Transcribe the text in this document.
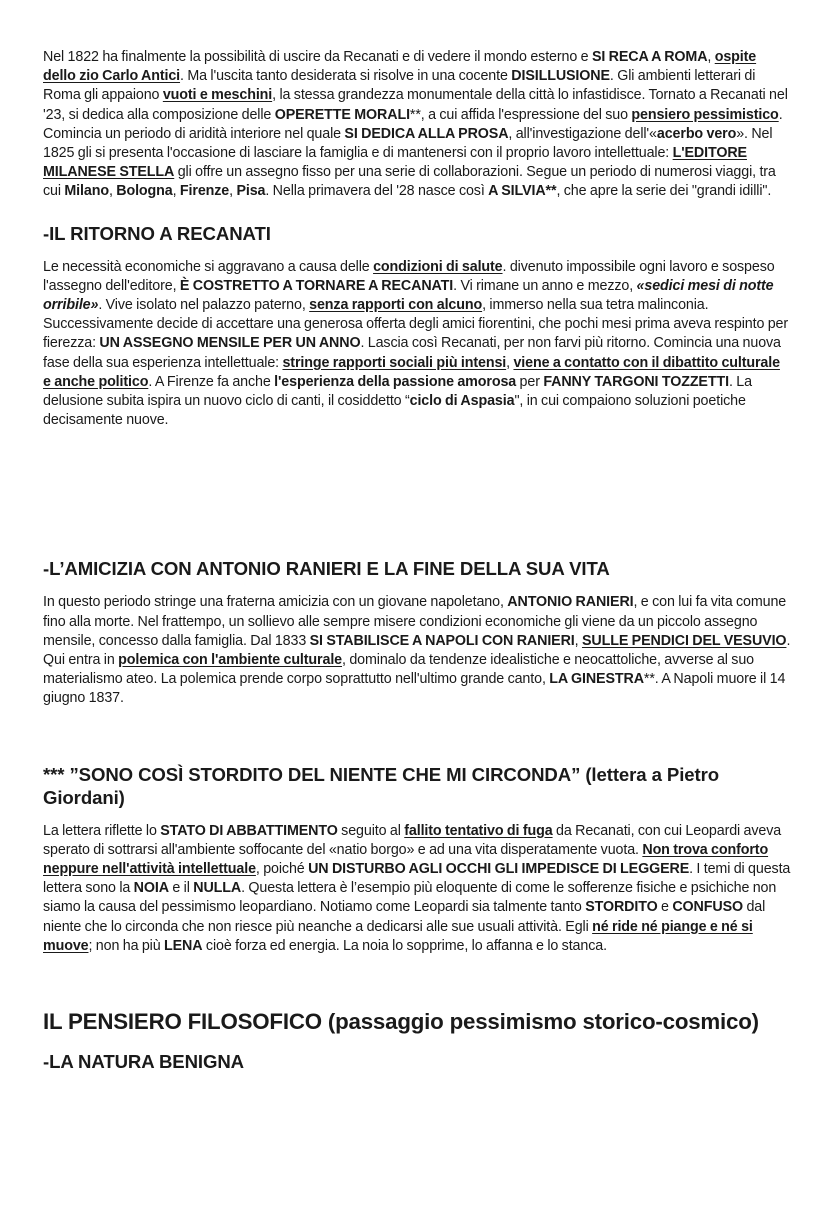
Nel 1822 ha finalmente la possibilità di uscire da Recanati e di vedere il mondo esterno e SI RECA A ROMA, ospite dello zio Carlo Antici. Ma l'uscita tanto desiderata si risolve in una cocente DISILLUSIONE. Gli ambienti letterari di Roma gli appaiono vuoti e meschini, la stessa grandezza monumentale della città lo infastidisce. Tornato a Recanati nel '23, si dedica alla composizione delle OPERETTE MORALI**, a cui affida l'espressione del suo pensiero pessimistico. Comincia un periodo di aridità interiore nel quale SI DEDICA ALLA PROSA, all'investigazione dell'«acerbo vero». Nel 1825 gli si presenta l'occasione di lasciare la famiglia e di mantenersi con il proprio lavoro intellettuale: L'EDITORE MILANESE STELLA gli offre un assegno fisso per una serie di collaborazioni. Segue un periodo di numerosi viaggi, tra cui Milano, Bologna, Firenze, Pisa. Nella primavera del '28 nasce così A SILVIA**, che apre la serie dei "grandi idilli".

-IL RITORNO A RECANATI

Le necessità economiche si aggravano a causa delle condizioni di salute. divenuto impossibile ogni lavoro e sospeso l'assegno dell'editore, È COSTRETTO A TORNARE A RECANATI. Vi rimane un anno e mezzo, «sedici mesi di notte orribile». Vive isolato nel palazzo paterno, senza rapporti con alcuno, immerso nella sua tetra malinconia. Successivamente decide di accettare una generosa offerta degli amici fiorentini, che pochi mesi prima aveva respinto per fierezza: UN ASSEGNO MENSILE PER UN ANNO. Lascia così Recanati, per non farvi più ritorno. Comincia una nuova fase della sua esperienza intellettuale: stringe rapporti sociali più intensi, viene a contatto con il dibattito culturale e anche politico. A Firenze fa anche l'esperienza della passione amorosa per FANNY TARGONI TOZZETTI. La delusione subita ispira un nuovo ciclo di canti, il cosiddetto “ciclo di Aspasia", in cui compaiono soluzioni poetiche decisamente nuove.

-L’AMICIZIA CON ANTONIO RANIERI E LA FINE DELLA SUA VITA

In questo periodo stringe una fraterna amicizia con un giovane napoletano, ANTONIO RANIERI, e con lui fa vita comune fino alla morte. Nel frattempo, un sollievo alle sempre misere condizioni economiche gli viene da un piccolo assegno mensile, concesso dalla famiglia. Dal 1833 SI STABILISCE A NAPOLI CON RANIERI, SULLE PENDICI DEL VESUVIO. Qui entra in polemica con l'ambiente culturale, dominalo da tendenze idealistiche e neocattoliche, avverse al suo materialismo ateo. La polemica prende corpo soprattutto nell'ultimo grande canto, LA GINESTRA**. A Napoli muore il 14 giugno 1837.

*** ”SONO COSÌ STORDITO DEL NIENTE CHE MI CIRCONDA” (lettera a Pietro Giordani)

La lettera riflette lo STATO DI ABBATTIMENTO seguito al fallito tentativo di fuga da Recanati, con cui Leopardi aveva sperato di sottrarsi all'ambiente soffocante del «natio borgo» e ad una vita disperatamente vuota. Non trova conforto neppure nell'attività intellettuale, poiché UN DISTURBO AGLI OCCHI GLI IMPEDISCE DI LEGGERE. I temi di questa lettera sono la NOIA e il NULLA. Questa lettera è l’esempio più eloquente di come le sofferenze fisiche e psichiche non siamo la causa del pessimismo leopardiano. Notiamo come Leopardi sia talmente tanto STORDITO e CONFUSO dal niente che lo circonda che non riesce più neanche a dedicarsi alle sue usuali attività. Egli né ride né piange e né si muove; non ha più LENA cioè forza ed energia. La noia lo sopprime, lo affanna e lo stanca.

IL PENSIERO FILOSOFICO (passaggio pessimismo storico-cosmico)
-LA NATURA BENIGNA
